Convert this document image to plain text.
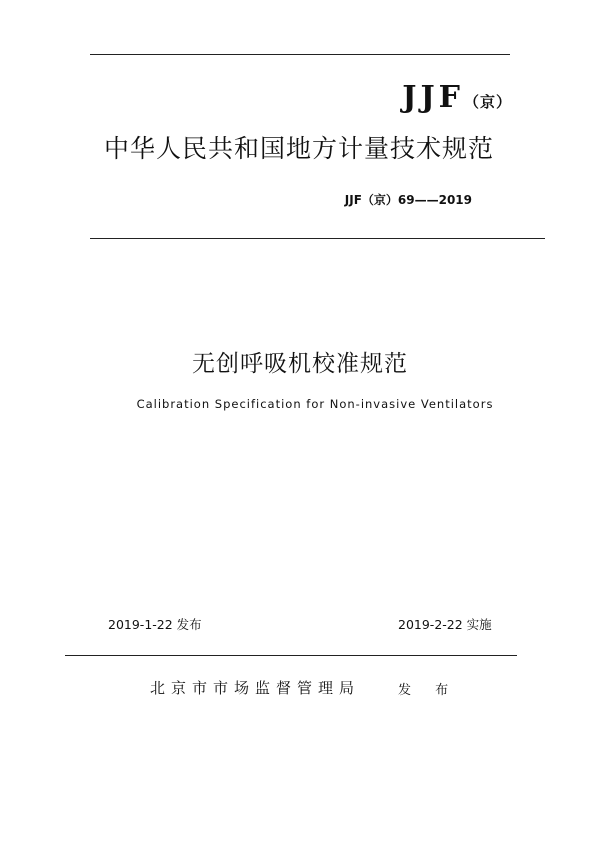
JJF（京）
中华人民共和国地方计量技术规范
JJF（京）69——2019
无创呼吸机校准规范
Calibration Specification for Non-invasive Ventilators
2019-1-22 发布	2019-2-22 实施
北京市市场监督管理局	发 布
